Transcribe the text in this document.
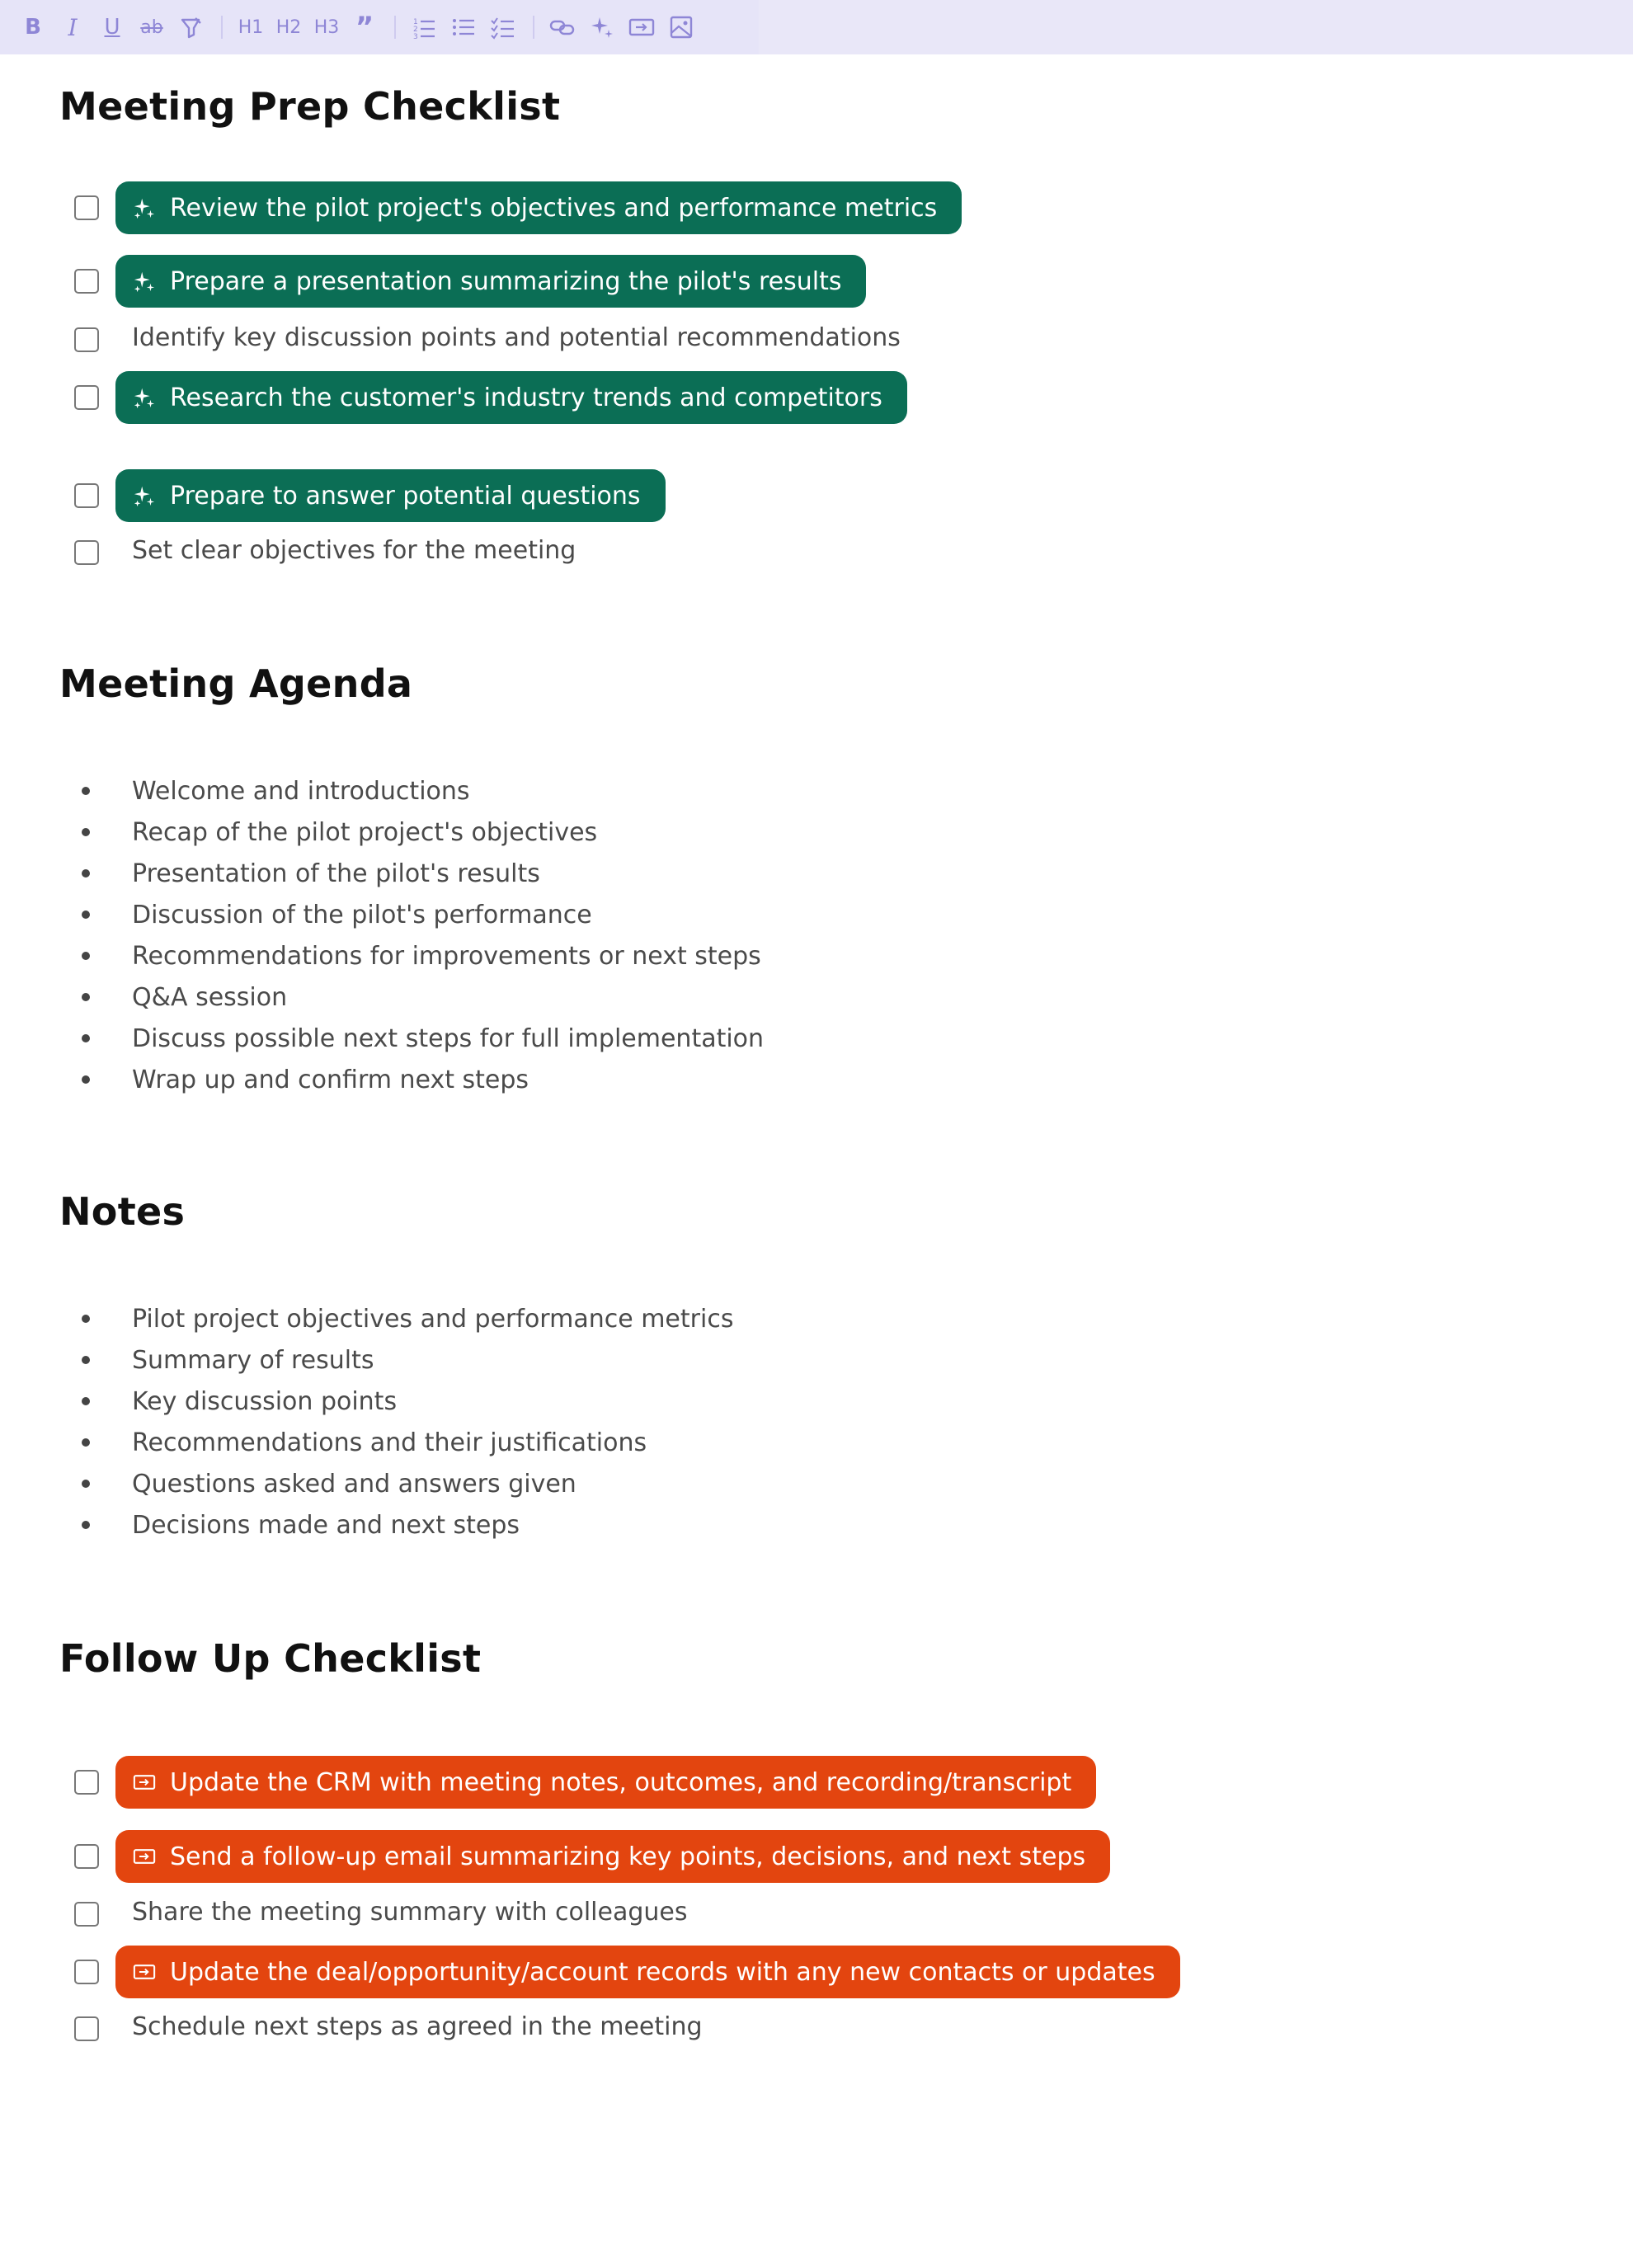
B	I	U	ab	H1 H2 H3 ”	1
2
3
Meeting Prep Checklist
Review the pilot project's objectives and performance metrics
Prepare a presentation summarizing the pilot's results
Identify key discussion points and potential recommendations
Research the customer's industry trends and competitors
Prepare to answer potential questions
Set clear objectives for the meeting
Meeting Agenda
Welcome and introductions
Recap of the pilot project's objectives
Presentation of the pilot's results
Discussion of the pilot's performance
Recommendations for improvements or next steps
Q&A session
Discuss possible next steps for full implementation
Wrap up and confirm next steps
Notes
Pilot project objectives and performance metrics
Summary of results
Key discussion points
Recommendations and their justifications
Questions asked and answers given
Decisions made and next steps
Follow Up Checklist
Update the CRM with meeting notes, outcomes, and recording/transcript
Send a follow-up email summarizing key points, decisions, and next steps
Share the meeting summary with colleagues
Update the deal/opportunity/account records with any new contacts or updates
Schedule next steps as agreed in the meeting
